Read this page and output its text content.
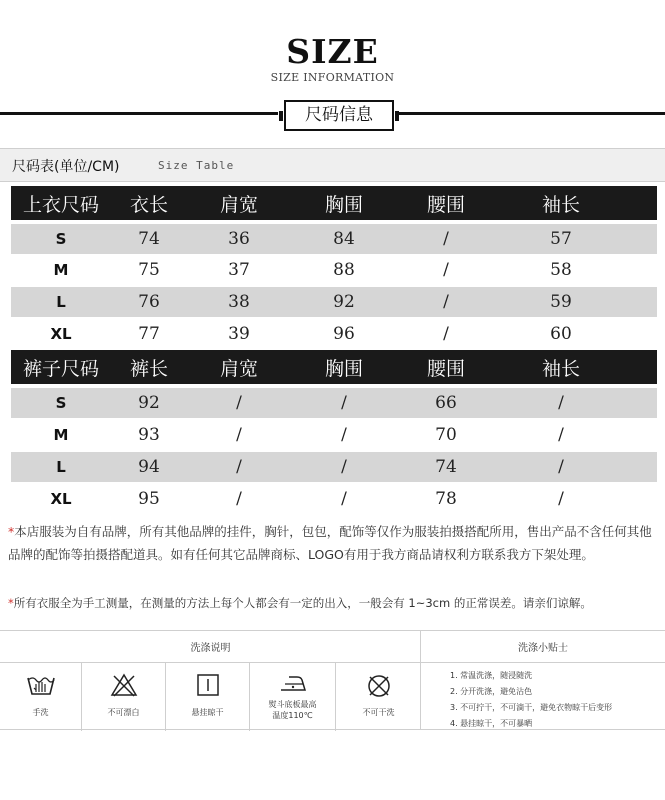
SIZE
SIZE INFORMATION
尺码信息
尺码表(单位/CM)	Size Table
上衣尺码	衣长	肩宽	胸围	腰围	袖长
S	74	36	84	/	57
M	75	37	88	/	58
L	76	38	92	/	59
XL	77	39	96	/	60
裤子尺码	裤长	肩宽	胸围	腰围	袖长
S	92	/	/	66	/
M	93	/	/	70	/
L	94	/	/	74	/
XL	95	/	/	78	/
*本店服装为自有品牌，所有其他品牌的挂件，胸针，包包，配饰等仅作为服装拍摄搭配所用，售出产品不含任何其他品牌的配饰等拍摄搭配道具。如有任何其它品牌商标、LOGO有用于我方商品请权利方联系我方下架处理。
*所有衣服全为手工测量，在测量的方法上每个人都会有一定的出入，一般会有 1~3cm 的正常误差。请亲们谅解。
洗涤说明
手洗	不可漂白	悬挂晾干
熨斗底板最高
温度110℃	不可干洗
洗涤小贴士
1. 常温洗涤，随浸随洗
2. 分开洗涤，避免沾色
3. 不可拧干，不可滴干，避免衣物晾干后变形
4. 悬挂晾干，不可暴晒
